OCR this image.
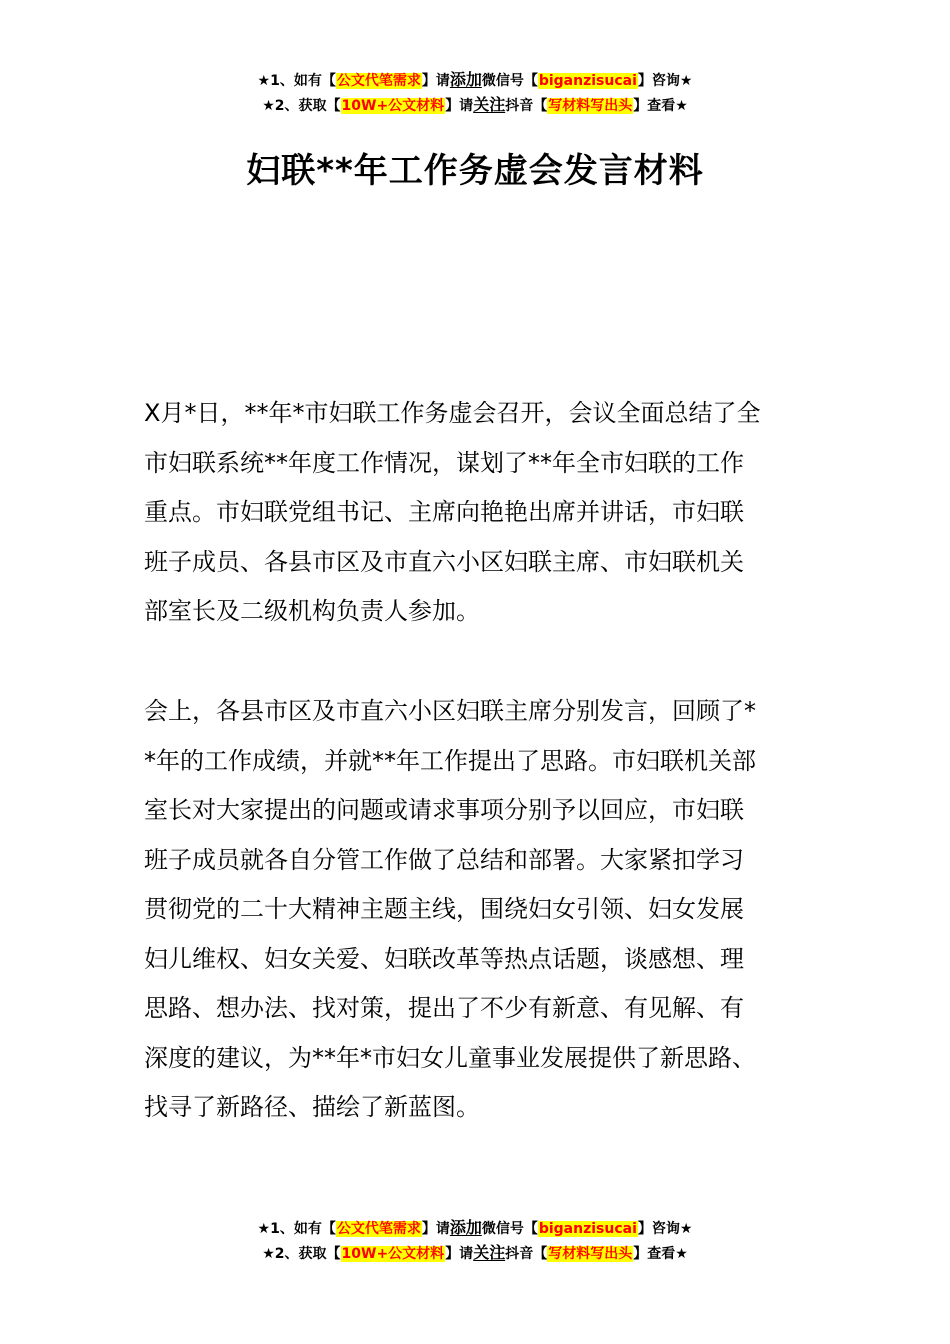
★1、如有【公文代笔需求】请添加微信号【biganzisucai】咨询★
★2、获取【10W+公文材料】请关注抖音【写材料写出头】查看★
妇联**年工作务虚会发言材料
X月*日，**年*市妇联工作务虚会召开，会议全面总结了全
市妇联系统**年度工作情况，谋划了**年全市妇联的工作
重点。市妇联党组书记、主席向艳艳出席并讲话，市妇联
班子成员、各县市区及市直六小区妇联主席、市妇联机关
部室长及二级机构负责人参加。
会上，各县市区及市直六小区妇联主席分别发言，回顾了*
*年的工作成绩，并就**年工作提出了思路。市妇联机关部
室长对大家提出的问题或请求事项分别予以回应，市妇联
班子成员就各自分管工作做了总结和部署。大家紧扣学习
贯彻党的二十大精神主题主线，围绕妇女引领、妇女发展
妇儿维权、妇女关爱、妇联改革等热点话题，谈感想、理
思路、想办法、找对策，提出了不少有新意、有见解、有
深度的建议，为**年*市妇女儿童事业发展提供了新思路、
找寻了新路径、描绘了新蓝图。
★1、如有【公文代笔需求】请添加微信号【biganzisucai】咨询★
★2、获取【10W+公文材料】请关注抖音【写材料写出头】查看★
